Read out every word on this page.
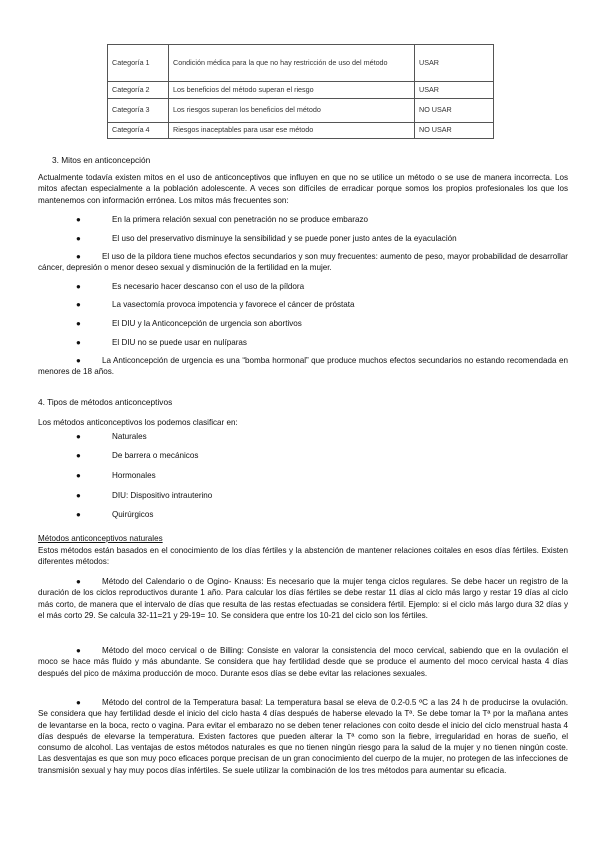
Categoría 1	Condición médica para la que no hay restricción de uso del método	USAR
Categoría 2	Los beneficios del método superan el riesgo	USAR
Categoría 3	Los riesgos superan los beneficios del método	NO USAR
Categoría 4	Riesgos inaceptables para usar ese método	NO USAR
3. Mitos en anticoncepción
Actualmente todavía existen mitos en el uso de anticonceptivos que influyen en que no se utilice un método o se use de manera incorrecta. Los mitos afectan especialmente a la población adolescente. A veces son difíciles de erradicar porque somos los propios profesionales los que los mantenemos con información errónea. Los mitos más frecuentes son:
●	En la primera relación sexual con penetración no se produce embarazo
●	El uso del preservativo disminuye la sensibilidad y se puede poner justo antes de la eyaculación
●	El uso de la píldora tiene muchos efectos secundarios y son muy frecuentes: aumento de peso, mayor probabilidad de desarrollar cáncer, depresión o menor deseo sexual y disminución de la fertilidad en la mujer.
●	Es necesario hacer descanso con el uso de la píldora
●	La vasectomía provoca impotencia y favorece el cáncer de próstata
●	El DIU y la Anticoncepción de urgencia son abortivos
●	El DIU no se puede usar en nulíparas
●	La Anticoncepción de urgencia es una “bomba hormonal” que produce muchos efectos secundarios no estando recomendada en menores de 18 años.
4. Tipos de métodos anticonceptivos
Los métodos anticonceptivos los podemos clasificar en:
●	Naturales
●	De barrera o mecánicos
●	Hormonales
●	DIU: Dispositivo intrauterino
●	Quirúrgicos
Métodos anticonceptivos naturales
Estos métodos están basados en el conocimiento de los días fértiles y la abstención de mantener relaciones coitales en esos días fértiles. Existen diferentes métodos:
●	Método del Calendario o de Ogino- Knauss: Es necesario que la mujer tenga ciclos regulares. Se debe hacer un registro de la duración de los ciclos reproductivos durante 1 año. Para calcular los días fértiles se debe restar 11 días al ciclo más largo y restar 19 días al ciclo más corto, de manera que el intervalo de días que resulta de las restas efectuadas se considera fértil. Ejemplo: si el ciclo más largo dura 32 días y el más corto 29. Se calcula 32-11=21 y 29-19= 10. Se considera que entre los 10-21 del ciclo son los fértiles.
●	Método del moco cervical o de Billing: Consiste en valorar la consistencia del moco cervical, sabiendo que en la ovulación el moco se hace más fluido y más abundante. Se considera que hay fertilidad desde que se produce el aumento del moco cervical hasta 4 días después del pico de máxima producción de moco. Durante esos días se debe evitar las relaciones sexuales.
●	Método del control de la Temperatura basal: La temperatura basal se eleva de 0.2-0.5 ºC a las 24 h de producirse la ovulación. Se considera que hay fertilidad desde el inicio del ciclo hasta 4 días después de haberse elevado la Tª. Se debe tomar la Tª por la mañana antes de levantarse en la boca, recto o vagina. Para evitar el embarazo no se deben tener relaciones con coito desde el inicio del ciclo menstrual hasta 4 días después de elevarse la temperatura. Existen factores que pueden alterar la Tª como son la fiebre, irregularidad en horas de sueño, el consumo de alcohol. Las ventajas de estos métodos naturales es que no tienen ningún riesgo para la salud de la mujer y no tienen ningún coste. Las desventajas es que son muy poco eficaces porque precisan de un gran conocimiento del cuerpo de la mujer, no protegen de las infecciones de transmisión sexual y hay muy pocos días infértiles. Se suele utilizar la combinación de los tres métodos para aumentar su eficacia.
